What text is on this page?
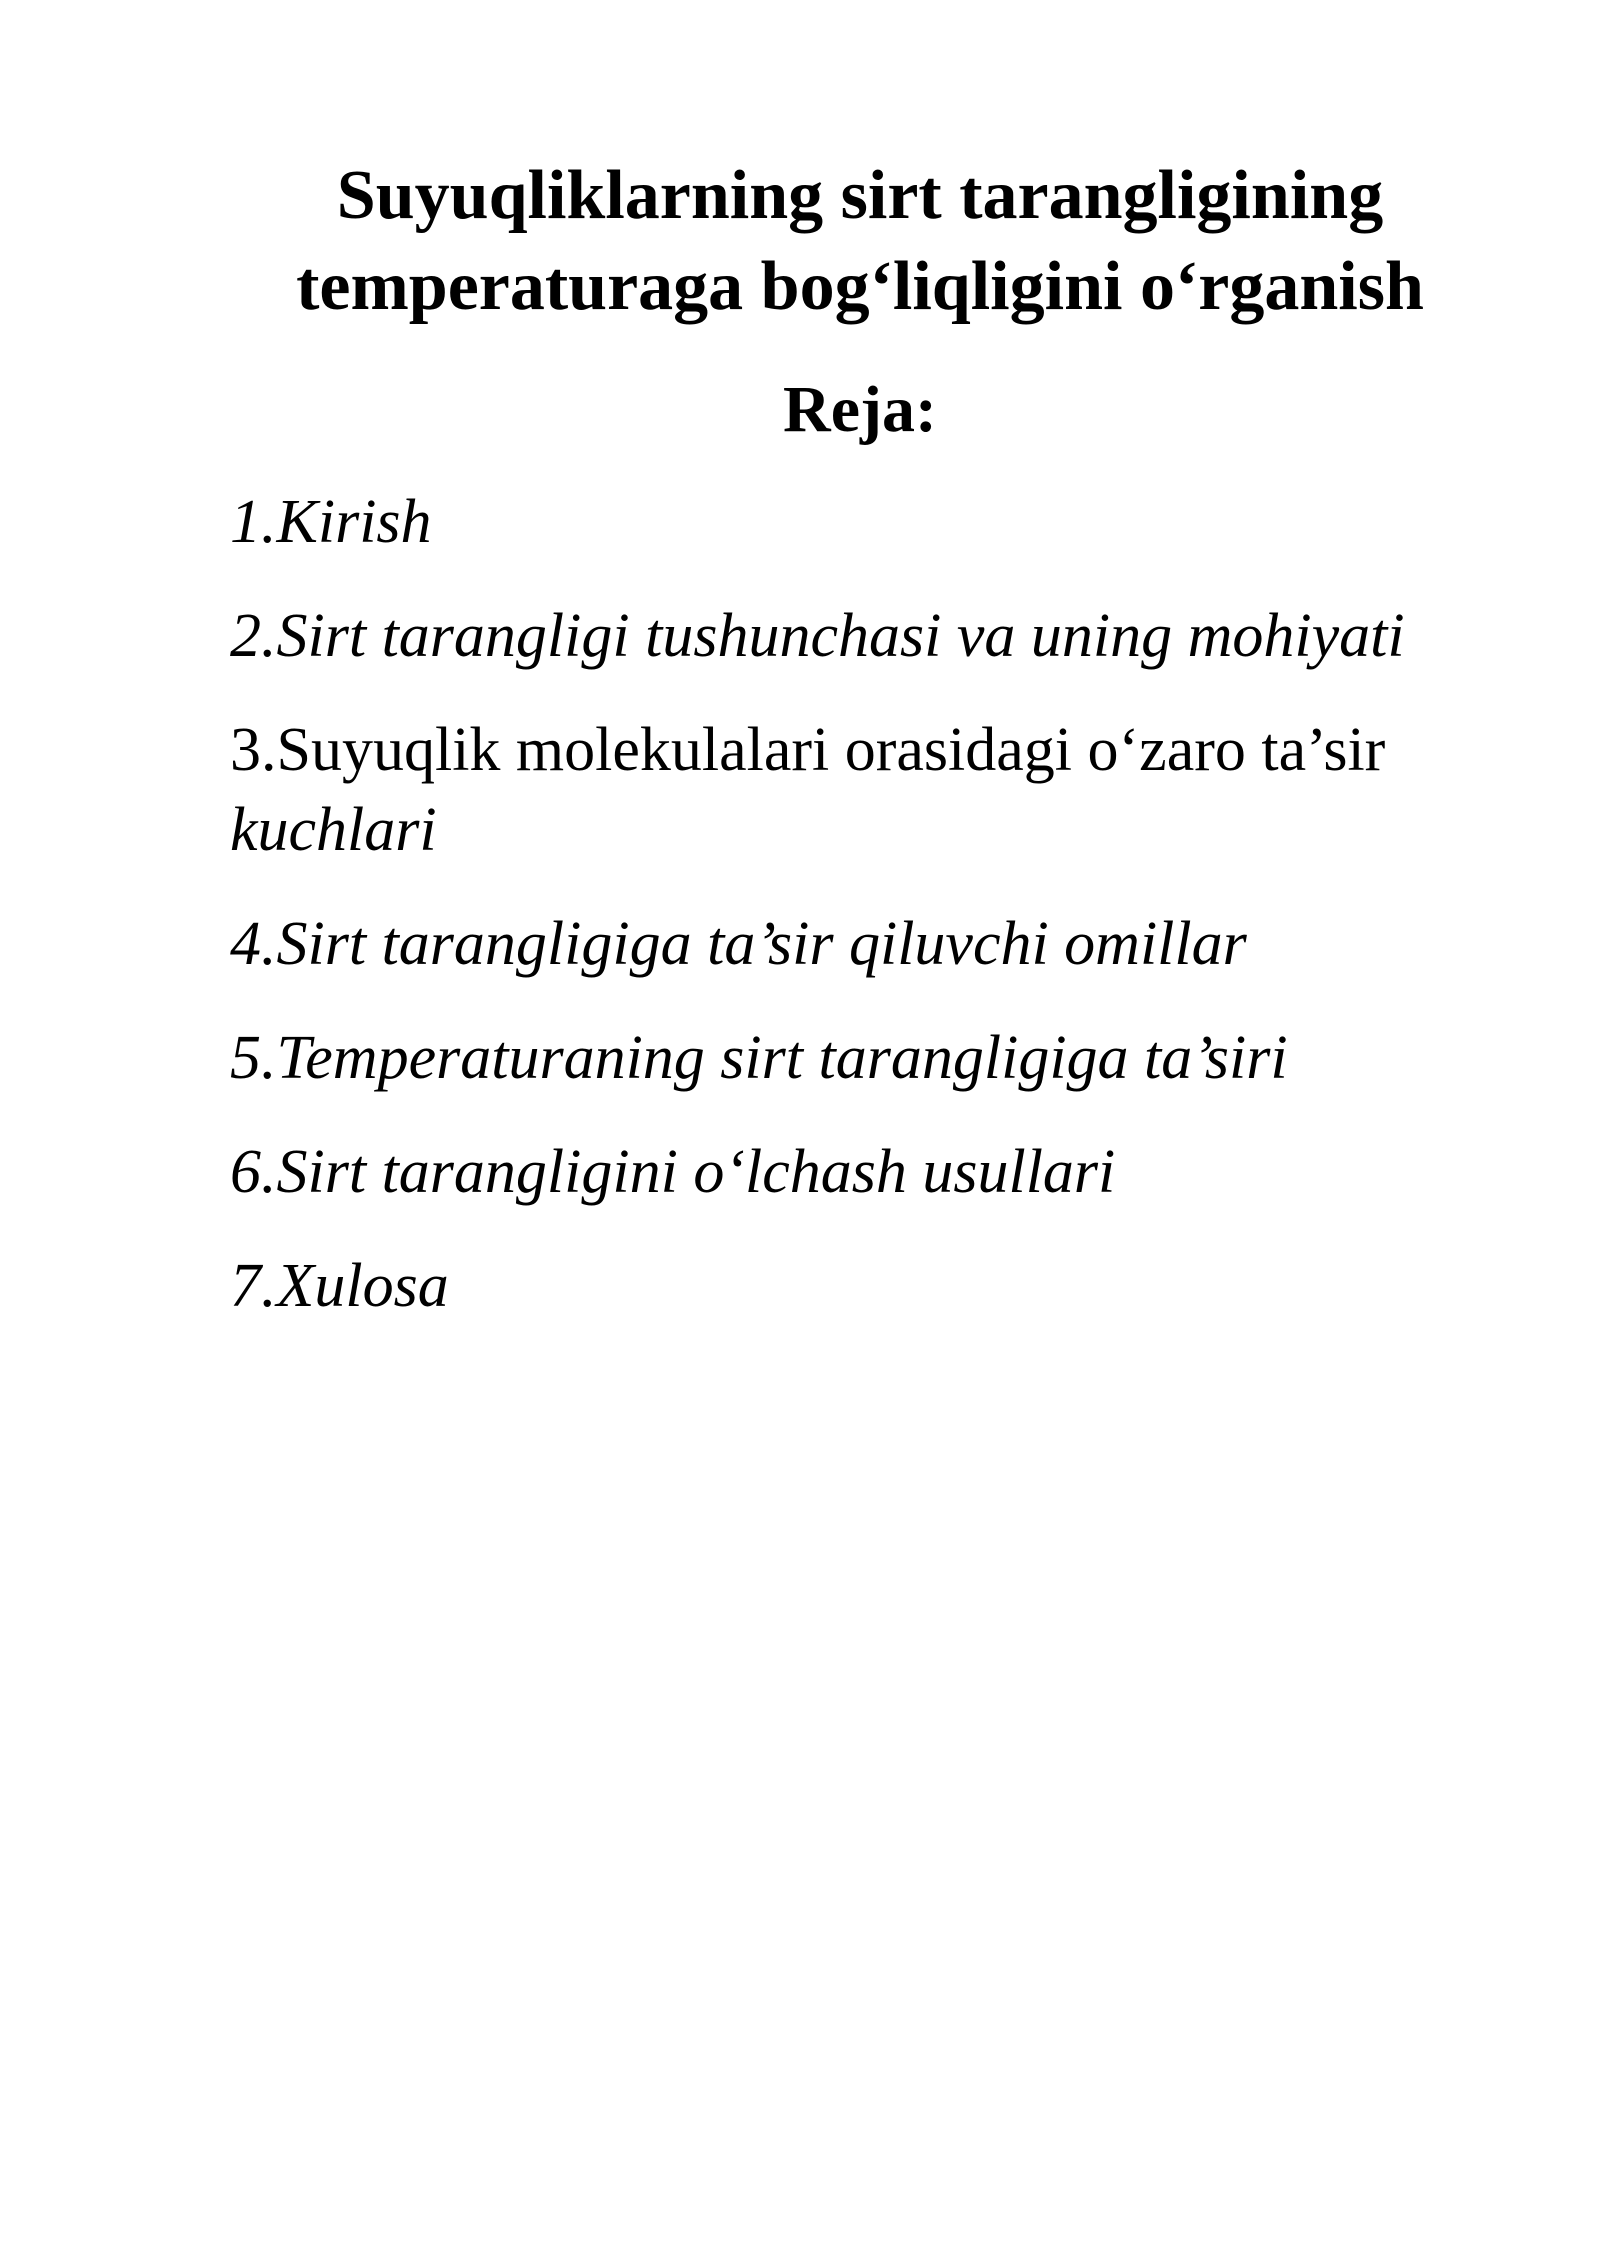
Suyuqliklarning sirt tarangligining
temperaturaga bog‘liqligini o‘rganish
Reja:
1.Kirish
2.Sirt tarangligi tushunchasi va uning mohiyati
3.Suyuqlik molekulalari orasidagi o‘zaro ta’sir
kuchlari
4.Sirt tarangligiga ta’sir qiluvchi omillar
5.Temperaturaning sirt tarangligiga ta’siri
6.Sirt tarangligini o‘lchash usullari
7.Xulosa
